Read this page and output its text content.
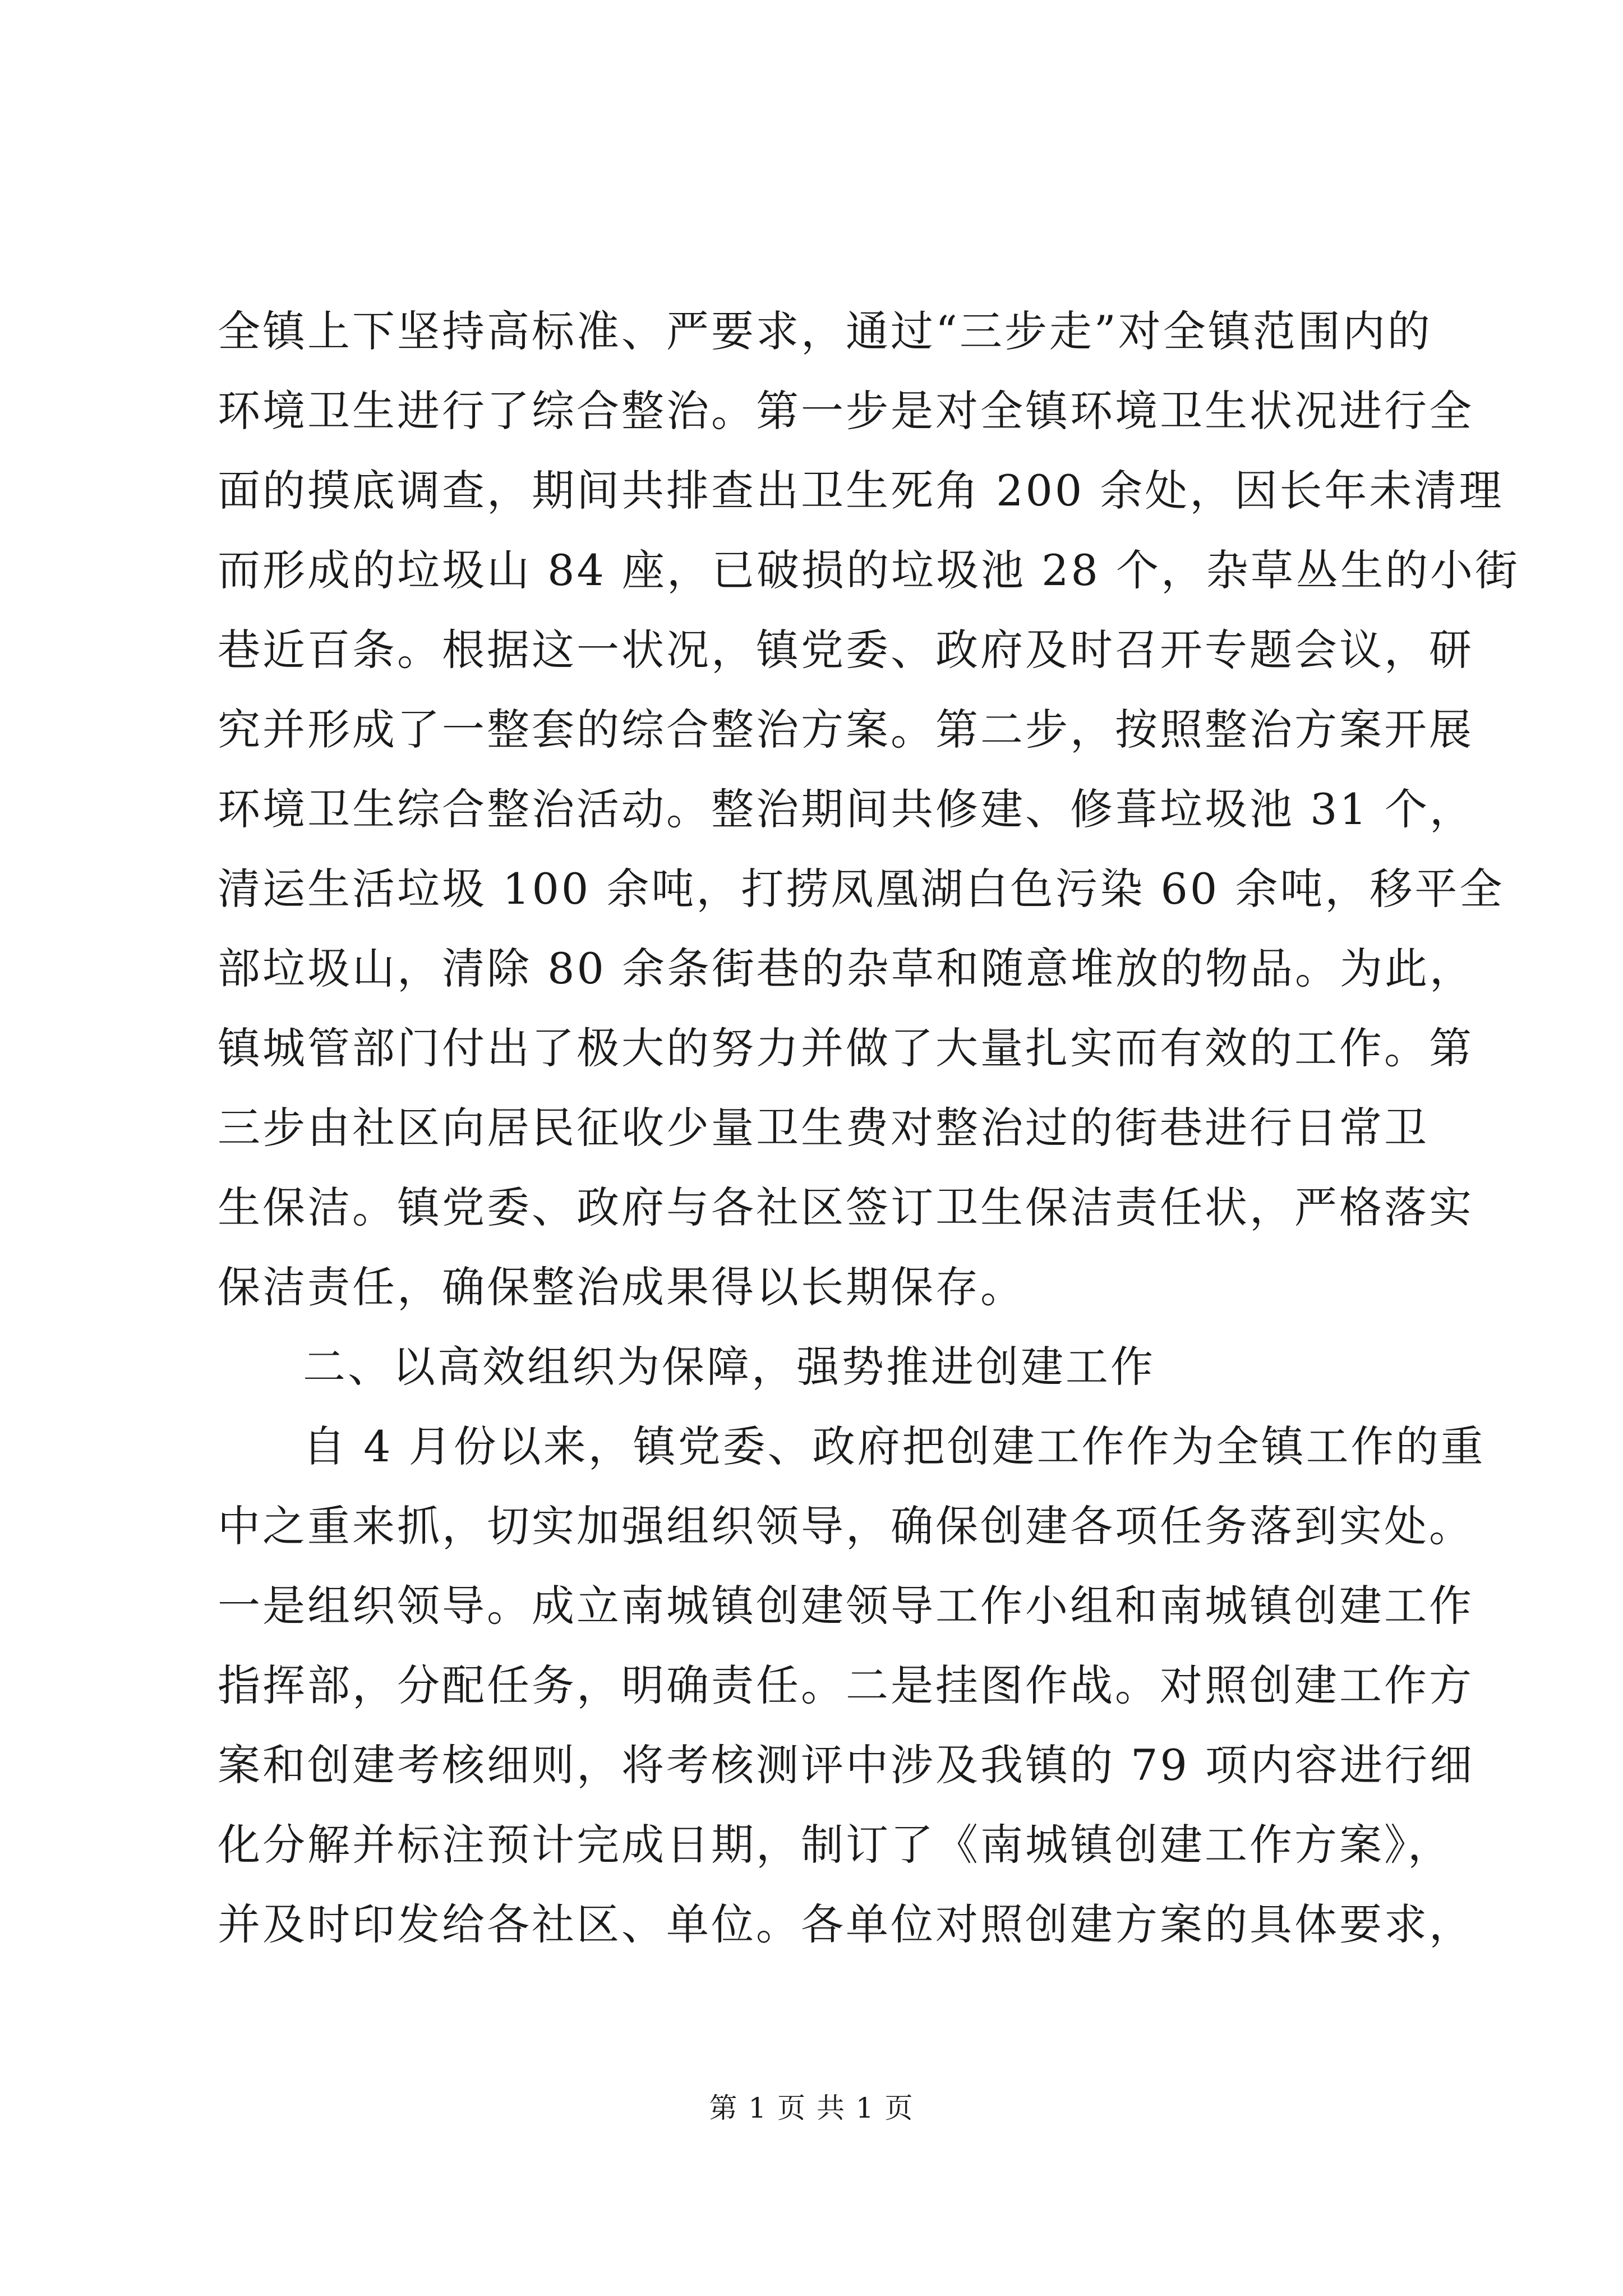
全镇上下坚持高标准、严要求，通过“三步走”对全镇范围内的
环境卫生进行了综合整治。第一步是对全镇环境卫生状况进行全
面的摸底调查，期间共排查出卫生死角 200 余处，因长年未清理
而形成的垃圾山 84 座，已破损的垃圾池 28 个，杂草丛生的小街
巷近百条。根据这一状况，镇党委、政府及时召开专题会议，研
究并形成了一整套的综合整治方案。第二步，按照整治方案开展
环境卫生综合整治活动。整治期间共修建、修葺垃圾池 31 个，
清运生活垃圾 100 余吨，打捞凤凰湖白色污染 60 余吨，移平全
部垃圾山，清除 80 余条街巷的杂草和随意堆放的物品。为此，
镇城管部门付出了极大的努力并做了大量扎实而有效的工作。第
三步由社区向居民征收少量卫生费对整治过的街巷进行日常卫
生保洁。镇党委、政府与各社区签订卫生保洁责任状，严格落实
保洁责任，确保整治成果得以长期保存。
二、以高效组织为保障，强势推进创建工作
自 4 月份以来，镇党委、政府把创建工作作为全镇工作的重
中之重来抓，切实加强组织领导，确保创建各项任务落到实处。
一是组织领导。成立南城镇创建领导工作小组和南城镇创建工作
指挥部，分配任务，明确责任。二是挂图作战。对照创建工作方
案和创建考核细则，将考核测评中涉及我镇的 79 项内容进行细
化分解并标注预计完成日期，制订了《南城镇创建工作方案》，
并及时印发给各社区、单位。各单位对照创建方案的具体要求，
第 1 页 共 1 页
